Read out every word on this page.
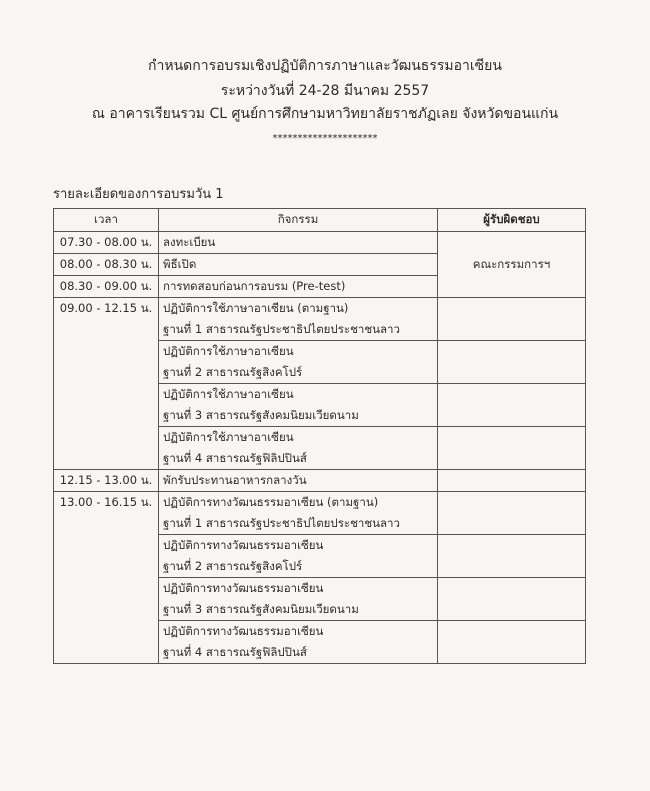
กำหนดการอบรมเชิงปฏิบัติการภาษาและวัฒนธรรมอาเซียน
ระหว่างวันที่ 24-28 มีนาคม 2557
ณ อาคารเรียนรวม CL ศูนย์การศึกษามหาวิทยาลัยราชภัฏเลย จังหวัดขอนแก่น
*********************
รายละเอียดของการอบรมวัน 1
เวลา	กิจกรรม	ผู้รับผิดชอบ
07.30 - 08.00 น.	ลงทะเบียน	คณะกรรมการฯ
08.00 - 08.30 น.	พิธีเปิด	

08.30 - 09.00 น.	การทดสอบก่อนการอบรม (Pre-test)	

09.00 - 12.15 น.	ปฏิบัติการใช้ภาษาอาเซียน (ตามฐาน)
ฐานที่ 1 สาธารณรัฐประชาธิปไตยประชาชนลาว	

	ปฏิบัติการใช้ภาษาอาเซียน
ฐานที่ 2 สาธารณรัฐสิงคโปร์	

	ปฏิบัติการใช้ภาษาอาเซียน
ฐานที่ 3 สาธารณรัฐสังคมนิยมเวียดนาม	

	ปฏิบัติการใช้ภาษาอาเซียน
ฐานที่ 4 สาธารณรัฐฟิลิปปินส์	

12.15 - 13.00 น.	พักรับประทานอาหารกลางวัน	

13.00 - 16.15 น.	ปฏิบัติการทางวัฒนธรรมอาเซียน (ตามฐาน)
ฐานที่ 1 สาธารณรัฐประชาธิปไตยประชาชนลาว	

	ปฏิบัติการทางวัฒนธรรมอาเซียน
ฐานที่ 2 สาธารณรัฐสิงคโปร์	

	ปฏิบัติการทางวัฒนธรรมอาเซียน
ฐานที่ 3 สาธารณรัฐสังคมนิยมเวียดนาม	

	ปฏิบัติการทางวัฒนธรรมอาเซียน
ฐานที่ 4 สาธารณรัฐฟิลิปปินส์	
